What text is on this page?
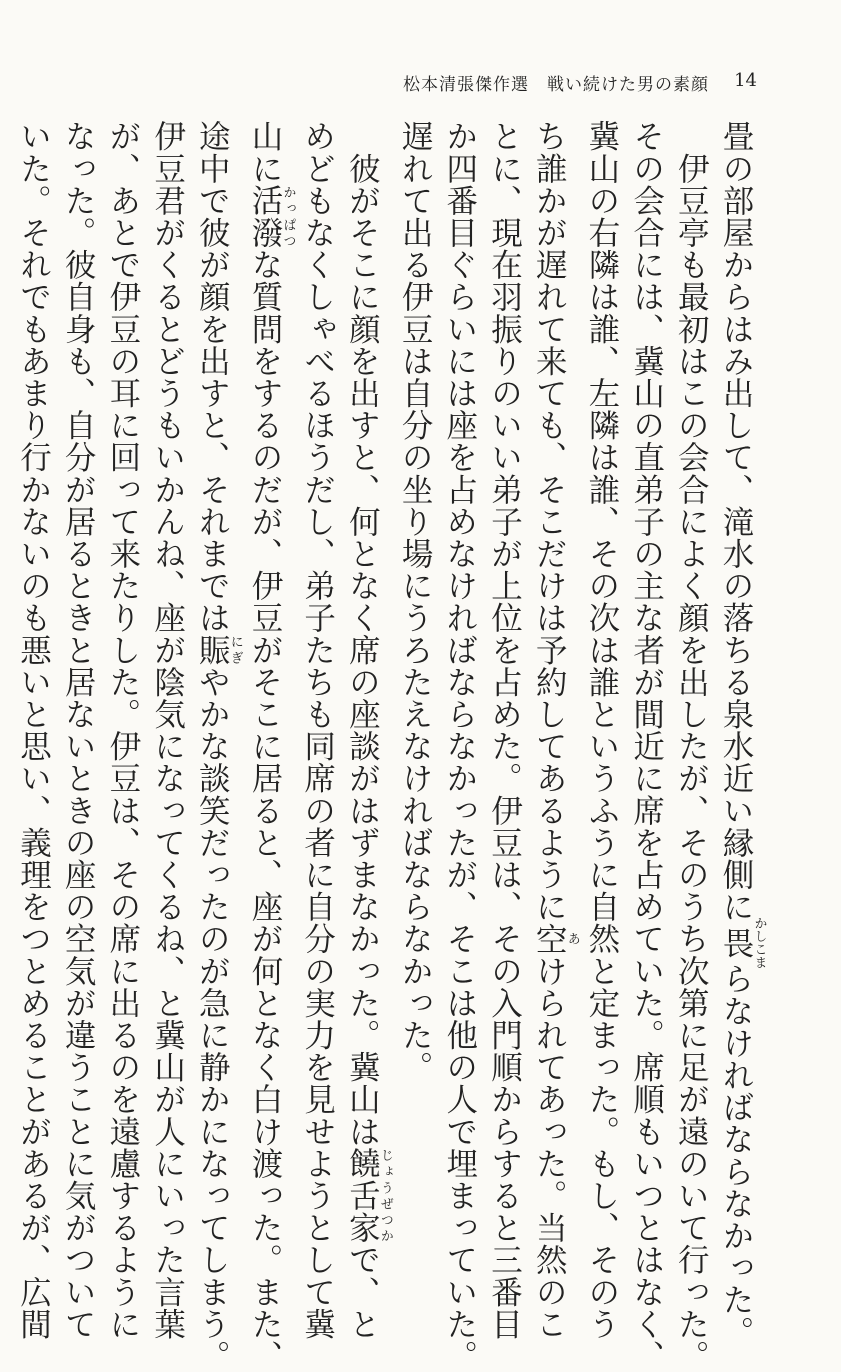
松本清張傑作選　戦い続けた男の素顔 14
畳の部屋からはみ出して、滝水の落ちる泉水近い縁側に畏かしこまらなければならなかった。
　伊豆亭も最初はこの会合によく顔を出したが、そのうち次第に足が遠のいて行った。
その会合には、冀山の直弟子の主な者が間近に席を占めていた。席順もいつとはなく、
冀山の右隣は誰、左隣は誰、その次は誰というふうに自然と定まった。もし、そのう
ち誰かが遅れて来ても、そこだけは予約してあるように空あけられてあった。当然のこ
とに、現在羽振りのいい弟子が上位を占めた。伊豆は、その入門順からすると三番目
か四番目ぐらいには座を占めなければならなかったが、そこは他の人で埋まっていた。
遅れて出る伊豆は自分の坐り場にうろたえなければならなかった。
　彼がそこに顔を出すと、何となく席の座談がはずまなかった。冀山は饒舌家じょうぜつかで、と
めどもなくしゃべるほうだし、弟子たちも同席の者に自分の実力を見せようとして冀
山に活潑かっぱつな質問をするのだが、伊豆がそこに居ると、座が何となく白け渡った。また、
途中で彼が顔を出すと、それまでは賑にぎやかな談笑だったのが急に静かになってしまう。
伊豆君がくるとどうもいかんね、座が陰気になってくるね、と冀山が人にいった言葉
が、あとで伊豆の耳に回って来たりした。伊豆は、その席に出るのを遠慮するように
なった。彼自身も、自分が居るときと居ないときの座の空気が違うことに気がついて
いた。それでもあまり行かないのも悪いと思い、義理をつとめることがあるが、広間
